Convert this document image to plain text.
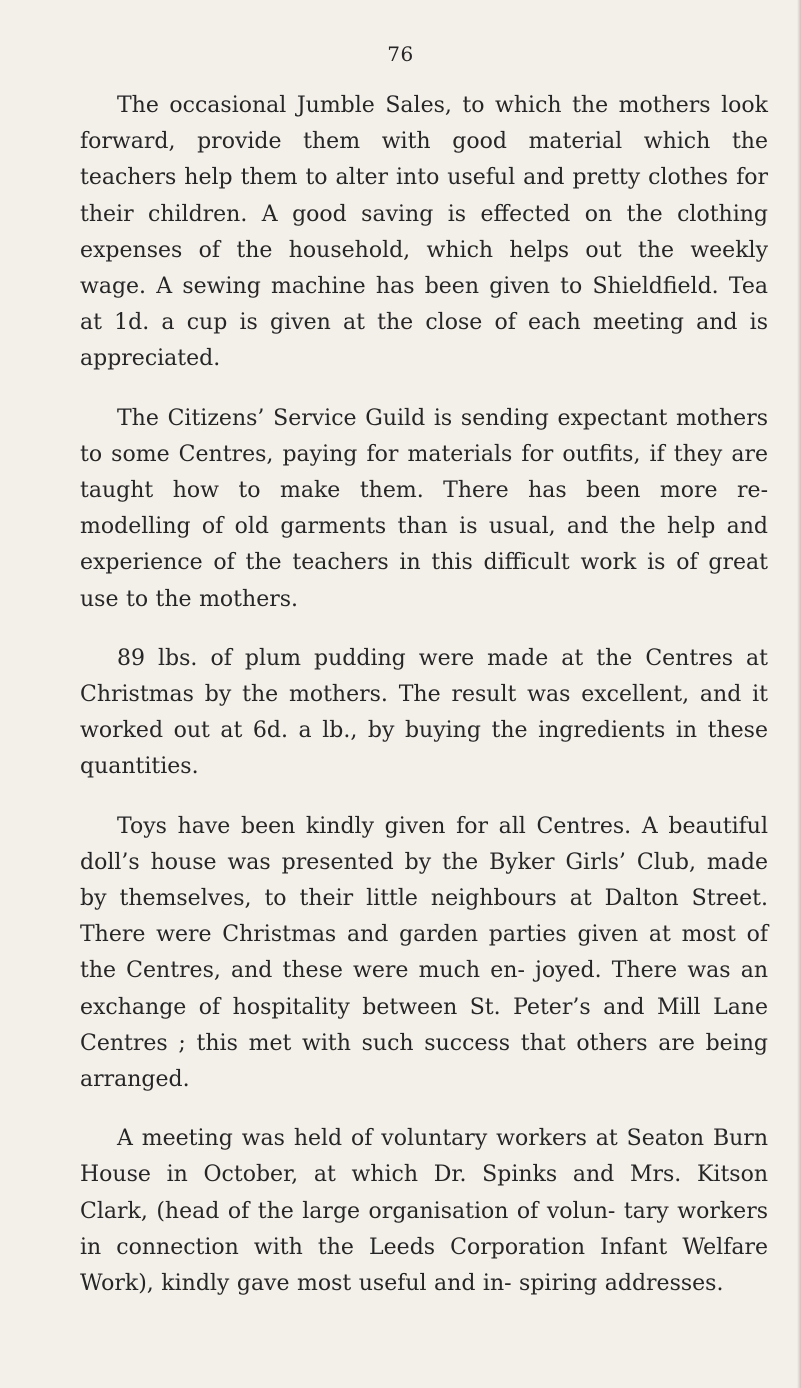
76

The occasional Jumble Sales, to which the mothers look forward, provide them with good material which the teachers help them to alter into useful and pretty clothes for their children. A good saving is effected on the clothing expenses of the household, which helps out the weekly wage. A sewing machine has been given to Shieldfield. Tea at 1d. a cup is given at the close of each meeting and is appreciated.

The Citizens’ Service Guild is sending expectant mothers to some Centres, paying for materials for outfits, if they are taught how to make them. There has been more re-modelling of old garments than is usual, and the help and experience of the teachers in this difficult work is of great use to the mothers.

89 lbs. of plum pudding were made at the Centres at Christmas by the mothers. The result was excellent, and it worked out at 6d. a lb., by buying the ingredients in these quantities.

Toys have been kindly given for all Centres. A beautiful doll’s house was presented by the Byker Girls’ Club, made by themselves, to their little neighbours at Dalton Street. There were Christmas and garden parties given at most of the Centres, and these were much en- joyed. There was an exchange of hospitality between St. Peter’s and Mill Lane Centres ; this met with such success that others are being arranged.

A meeting was held of voluntary workers at Seaton Burn House in October, at which Dr. Spinks and Mrs. Kitson Clark, (head of the large organisation of volun- tary workers in connection with the Leeds Corporation Infant Welfare Work), kindly gave most useful and in- spiring addresses.
